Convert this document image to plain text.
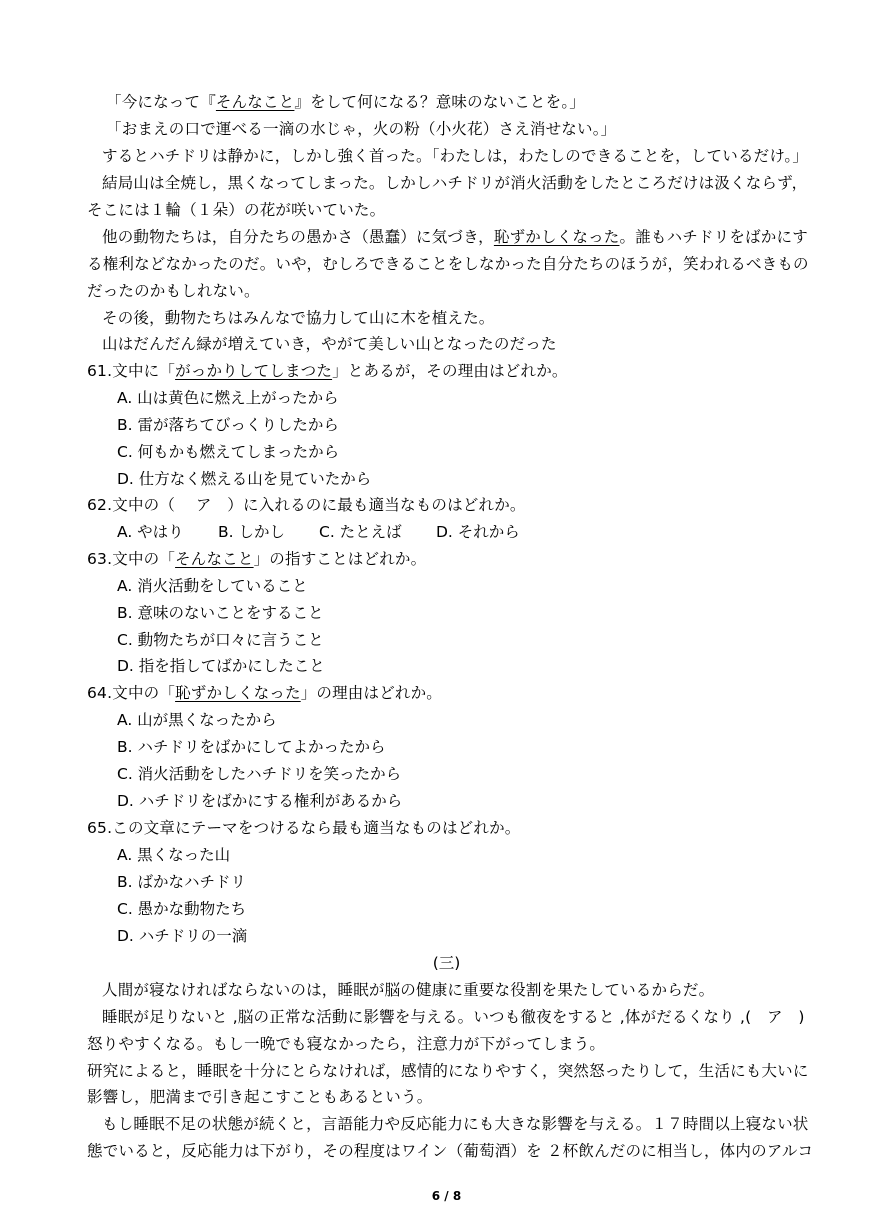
「今になって『そんなこと』をして何になる？意味のないことを。」
「おまえの口で運べる一滴の水じゃ，火の粉（小火花）さえ消せない。」
するとハチドリは静かに，しかし強く首った。「わたしは，わたしのできることを，しているだけ。」
結局山は全焼し，黒くなってしまった。しかしハチドリが消火活動をしたところだけは汲くならず，
そこには１輪（１朵）の花が咲いていた。
他の動物たちは，自分たちの愚かさ（愚蠢）に気づき，恥ずかしくなった。誰もハチドリをばかにす
る権利などなかったのだ。いや，むしろできることをしなかった自分たちのほうが，笑われるべきもの
だったのかもしれない。
その後，動物たちはみんなで協力して山に木を植えた。
山はだんだん緑が増えていき，やがて美しい山となったのだった
61.文中に「がっかりしてしまつた」とあるが，その理由はどれか。
A. 山は黄色に燃え上がったから
B. 雷が落ちてびっくりしたから
C. 何もかも燃えてしまったから
D. 仕方なく燃える山を見ていたから
62.文中の（　 ア　）に入れるのに最も適当なものはどれか。
A. やはり B. しかし C. たとえば D. それから
63.文中の「そんなこと」の指すことはどれか。
A. 消火活動をしていること
B. 意味のないことをすること
C. 動物たちが口々に言うこと
D. 指を指してばかにしたこと
64.文中の「恥ずかしくなった」の理由はどれか。
A. 山が黒くなったから
B. ハチドリをばかにしてよかったから
C. 消火活動をしたハチドリを笑ったから
D. ハチドリをばかにする権利があるから
65.この文章にテーマをつけるなら最も適当なものはどれか。
A. 黒くなった山
B. ばかなハチドリ
C. 愚かな動物たち
D. ハチドリの一滴
(三)
人間が寝なければならないのは，睡眠が脳の健康に重要な役割を果たしているからだ。
睡眠が足りないと ,脳の正常な活動に影響を与える。いつも徹夜をすると ,体がだるくなり ,(　ア　)
怒りやすくなる。もし一晩でも寝なかったら，注意力が下がってしまう。
研究によると，睡眠を十分にとらなければ，感情的になりやすく，突然怒ったりして，生活にも大いに
影響し，肥満まで引き起こすこともあるという。
もし睡眠不足の状態が続くと，言語能力や反応能力にも大きな影響を与える。１７時間以上寝ない状
態でいると，反応能力は下がり，その程度はワイン（葡萄酒）を ２杯飲んだのに相当し，体内のアルコ
6 / 8
